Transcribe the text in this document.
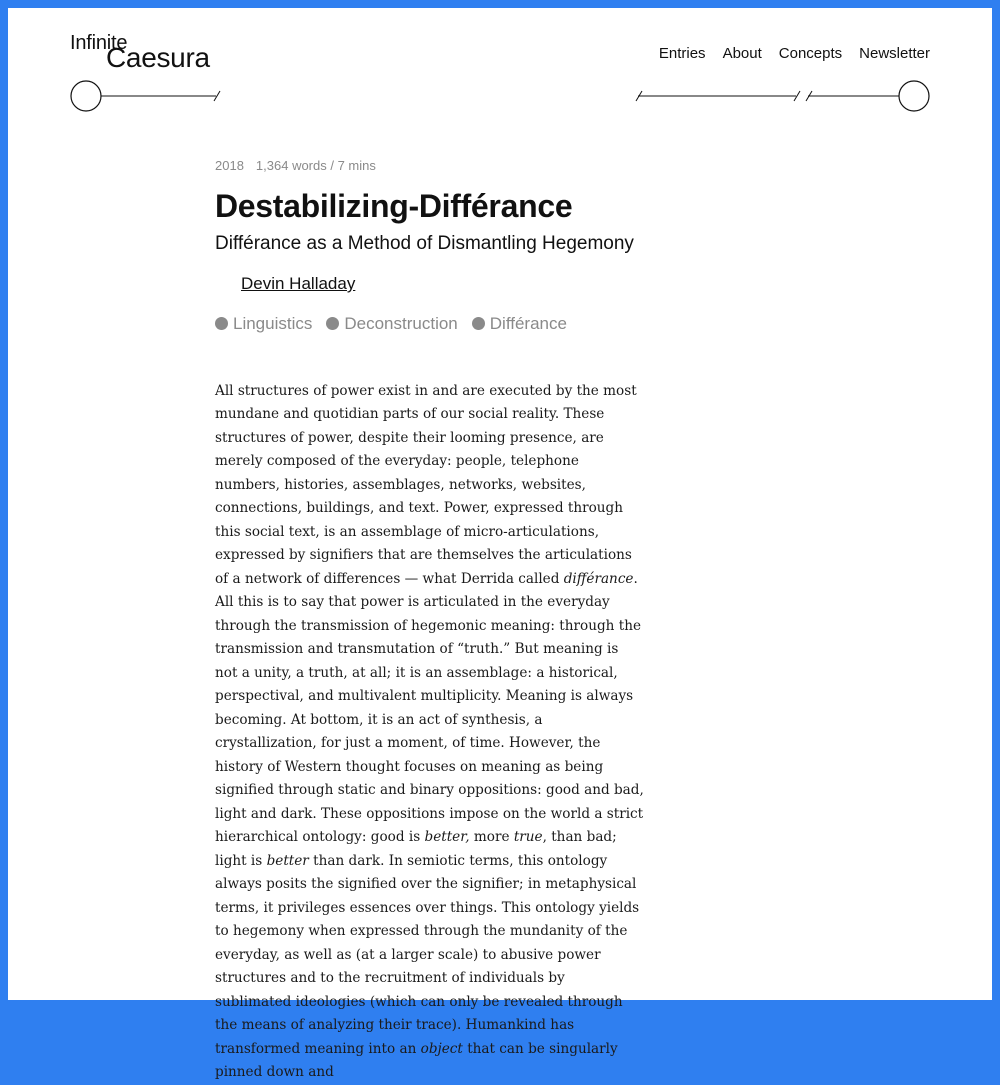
Infinite
Caesura	Entries About Concepts Newsletter
2018 1,364 words / 7 mins
Destabilizing-Différance
Différance as a Method of Dismantling Hegemony
Devin Halladay
Linguistics Deconstruction Différance

All structures of power exist in and are executed by the most mundane and quotidian parts of our social reality. These structures of power, despite their looming presence, are merely composed of the everyday: people, telephone numbers, histories, assemblages, networks, websites, connections, buildings, and text. Power, expressed through this social text, is an assemblage of micro-articulations, expressed by signifiers that are themselves the articulations of a network of differences — what Derrida called différance. All this is to say that power is articulated in the everyday through the transmission of hegemonic meaning: through the transmission and transmutation of “truth.” But meaning is not a unity, a truth, at all; it is an assemblage: a historical, perspectival, and multivalent multiplicity. Meaning is always becoming. At bottom, it is an act of synthesis, a crystallization, for just a moment, of time. However, the history of Western thought focuses on meaning as being signified through static and binary oppositions: good and bad, light and dark. These oppositions impose on the world a strict hierarchical ontology: good is better, more true, than bad; light is better than dark. In semiotic terms, this ontology always posits the signified over the signifier; in metaphysical terms, it privileges essences over things. This ontology yields to hegemony when expressed through the mundanity of the everyday, as well as (at a larger scale) to abusive power structures and to the recruitment of individuals by sublimated ideologies (which can only be revealed through the means of analyzing their trace). Humankind has transformed meaning into an object that can be singularly pinned down and
